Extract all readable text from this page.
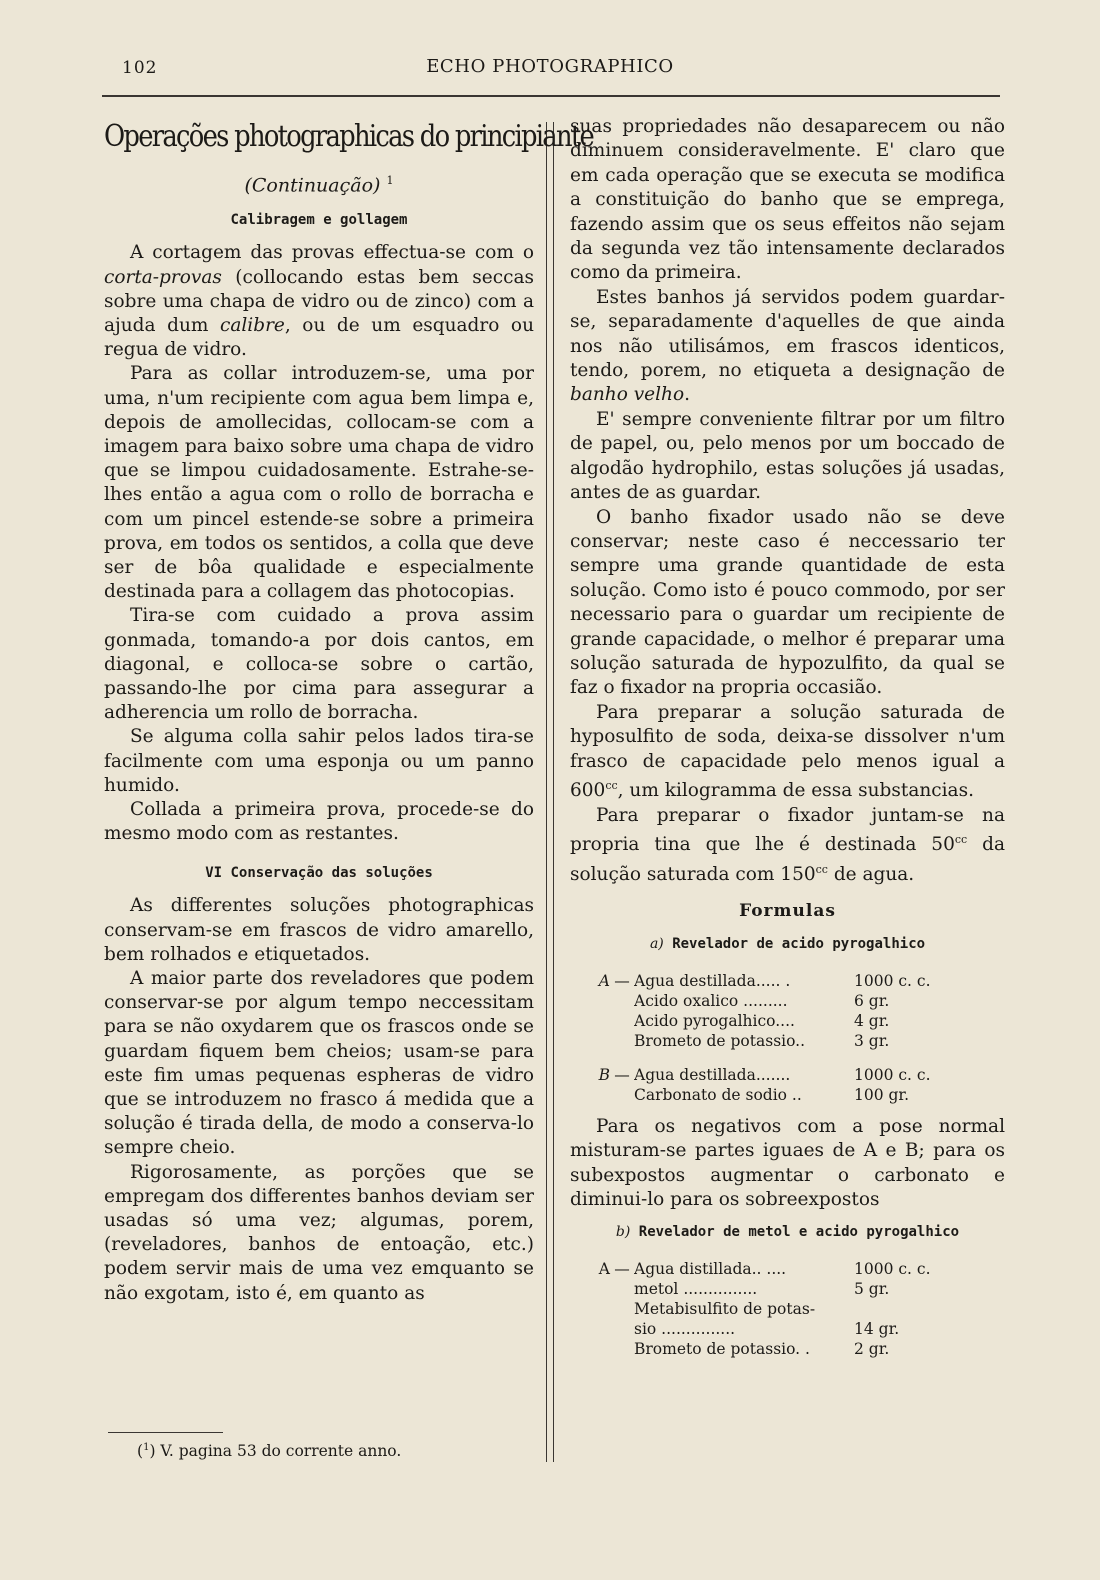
102	ECHO PHOTOGRAPHICO
Operações photographicas do principiante
(Continuação) $^1$
Calibragem e gollagem

A cortagem das provas effectua-se com o corta-provas (collocando estas bem seccas sobre uma chapa de vidro ou de zinco) com a ajuda dum calibre, ou de um esquadro ou regua de vidro.

Para as collar introduzem-se, uma por uma, n'um recipiente com agua bem limpa e, depois de amollecidas, collocam-se com a imagem para baixo sobre uma chapa de vidro que se limpou cuidadosamente. Estrahe-se-lhes então a agua com o rollo de borracha e com um pincel estende-se sobre a primeira prova, em todos os sentidos, a colla que deve ser de bôa qualidade e especialmente destinada para a collagem das photocopias.

Tira-se com cuidado a prova assim gonmada, tomando-a por dois cantos, em diagonal, e colloca-se sobre o cartão, passando-lhe por cima para assegurar a adherencia um rollo de borracha.

Se alguma colla sahir pelos lados tira-se facilmente com uma esponja ou um panno humido.

Collada a primeira prova, procede-se do mesmo modo com as restantes.

VI Conservação das soluções

As differentes soluções photographicas conservam-se em frascos de vidro amarello, bem rolhados e etiquetados.

A maior parte dos reveladores que podem conservar-se por algum tempo neccessitam para se não oxydarem que os frascos onde se guardam fiquem bem cheios; usam-se para este fim umas pequenas espheras de vidro que se introduzem no frasco á medida que a solução é tirada della, de modo a conserva-lo sempre cheio.

Rigorosamente, as porções que se empregam dos differentes banhos deviam ser usadas só uma vez; algumas, porem, (reveladores, banhos de entoação, etc.) podem servir mais de uma vez emquanto se não exgotam, isto é, em quanto as

suas propriedades não desaparecem ou não diminuem consideravelmente. E' claro que em cada operação que se executa se modifica a constituição do banho que se emprega, fazendo assim que os seus effeitos não sejam da segunda vez tão intensamente declarados como da primeira.

Estes banhos já servidos podem guardar-se, separadamente d'aquelles de que ainda nos não utilisámos, em frascos identicos, tendo, porem, no etiqueta a designação de banho velho.

E' sempre conveniente filtrar por um filtro de papel, ou, pelo menos por um boccado de algodão hydrophilo, estas soluções já usadas, antes de as guardar.

O banho fixador usado não se deve conservar; neste caso é neccessario ter sempre uma grande quantidade de esta solução. Como isto é pouco commodo, por ser necessario para o guardar um recipiente de grande capacidade, o melhor é preparar uma solução saturada de hypozulfito, da qual se faz o fixador na propria occasião.

Para preparar a solução saturada de hyposulfito de soda, deixa-se dissolver n'um frasco de capacidade pelo menos igual a $600^{cc}$, um kilogramma de essa substancias.

Para preparar o fixador juntam-se na propria tina que lhe é destinada $50^{cc}$ da solução saturada com $150^{cc}$ de agua.

Formulas
a) Revelador de acido pyrogalhico
A — Agua destillada..... .	1000 c. c.
Acido oxalico .........	6 gr.
Acido pyrogalhico....	4 gr.
Brometo de potassio..	3 gr.
B — Agua destillada.......	1000 c. c.
Carbonato de sodio ..	100 gr.

Para os negativos com a pose normal misturam-se partes iguaes de A e B; para os subexpostos augmentar o carbonato e diminui-lo para os sobreexpostos

b) Revelador de metol e acido pyrogalhico
A — Agua distillada.. ....	1000 c. c.
metol ...............	5 gr.
Metabisulfito de potas-
sio ...............	14 gr.
Brometo de potassio. .	2 gr.
($^1$) V. pagina 53 do corrente anno.
